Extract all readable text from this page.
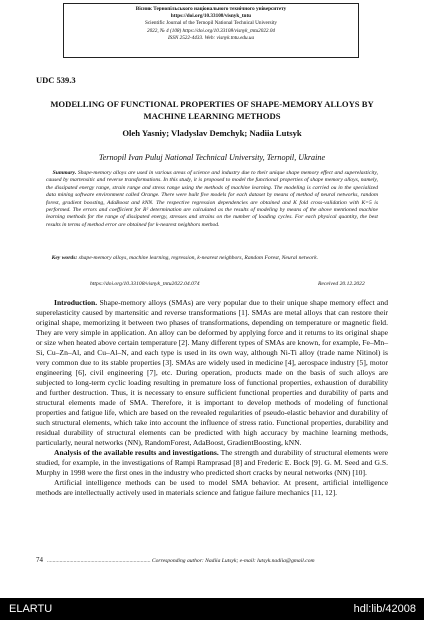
Вісник Тернопільського національного технічного університету
https://doi.org/10.33108/visnyk_tntu
Scientific Journal of the Ternopil National Technical University
2022, № 4 (108) https://doi.org/10.33108/visnyk_tntu2022.04
ISSN 2522-4433. Web: visnyk.tntu.edu.ua
UDC 539.3
MODELLING OF FUNCTIONAL PROPERTIES OF SHAPE-MEMORY ALLOYS BY MACHINE LEARNING METHODS
Oleh Yasniy; Vladyslav Demchyk; Nadiia Lutsyk
Ternopil Ivan Puluj National Technical University, Ternopil, Ukraine
Summary. Shape-memory alloys are used in various areas of science and industry due to their unique shape memory effect and superelasticity, caused by martensitic and reverse transformations. In this study, it is proposed to model the functional properties of shape memory alloys, namely, the dissipated energy range, strain range and stress range using the methods of machine learning. The modeling is carried ou in the specialized data mining software environment called Orange. There were built five models for each dataset by means of method of neural networks, random forest, gradient boosting, AdaBoost and kNN. The respective regression dependencies are obtained and K fold cross-validation with K=5 is performed. The errors and coefficient for R² determination are calculated as the results of modeling by means of the above mentioned machine learning methods for the range of dissipated energy, stresses and strains on the number of loading cycles. For each physical quantity, the best results in terms of method error are obtained for k-nearest neighbors method.
Key words: shape-memory alloys, machine learning, regression, k-nearest neighbors, Random Forest, Neural network.
https://doi.org/10.33108/visnyk_tntu2022.04.074	Received 20.12.2022

Introduction. Shape-memory alloys (SMAs) are very popular due to their unique shape memory effect and superelasticity caused by martensitic and reverse transformations [1]. SMAs are metal alloys that can restore their original shape, memorizing it between two phases of transformations, depending on temperature or magnetic field. They are very simple in application. An alloy can be deformed by applying force and it returns to its original shape or size when heated above certain temperature [2]. Many different types of SMAs are known, for example, Fe–Mn–Si, Cu–Zn–Al, and Cu–Al–N, and each type is used in its own way, although Ni-Ti alloy (trade name Nitinol) is very common due to its stable properties [3]. SMAs are widely used in medicine [4], aerospace industry [5], motor engineering [6], civil engineering [7], etc. During operation, products made on the basis of such alloys are subjected to long-term cyclic loading resulting in premature loss of functional properties, exhaustion of durability and further destruction. Thus, it is necessary to ensure sufficient functional properties and durability of parts and structural elements made of SMA. Therefore, it is important to develop methods of modeling of functional properties and fatigue life, which are based on the revealed regularities of pseudo-elastic behavior and durability of such structural elements, which take into account the influence of stress ratio. Functional properties, durability and residual durability of structural elements can be predicted with high accuracy by machine learning methods, particularly, neural networks (NN), RandomForest, AdaBoost, GradientBoosting, kNN.

Analysis of the available results and investigations. The strength and durability of structural elements were studied, for example, in the investigations of Rampi Ramprasad [8] and Frederic E. Bock [9]. G. M. Seed and G.S. Murphy in 1998 were the first ones in the industry who predicted short cracks by neural networks (NN) [10].

Artificial intelligence methods can be used to model SMA behavior. At present, artificial intelligence methods are intellectually actively used in materials science and fatigue failure mechanics [11, 12].

74 .......................................................................... Corresponding author: Nadiia Lutsyk; e-mail: lutsyk.nadiia@gmail.com
ELARTU	hdl:lib/42008
